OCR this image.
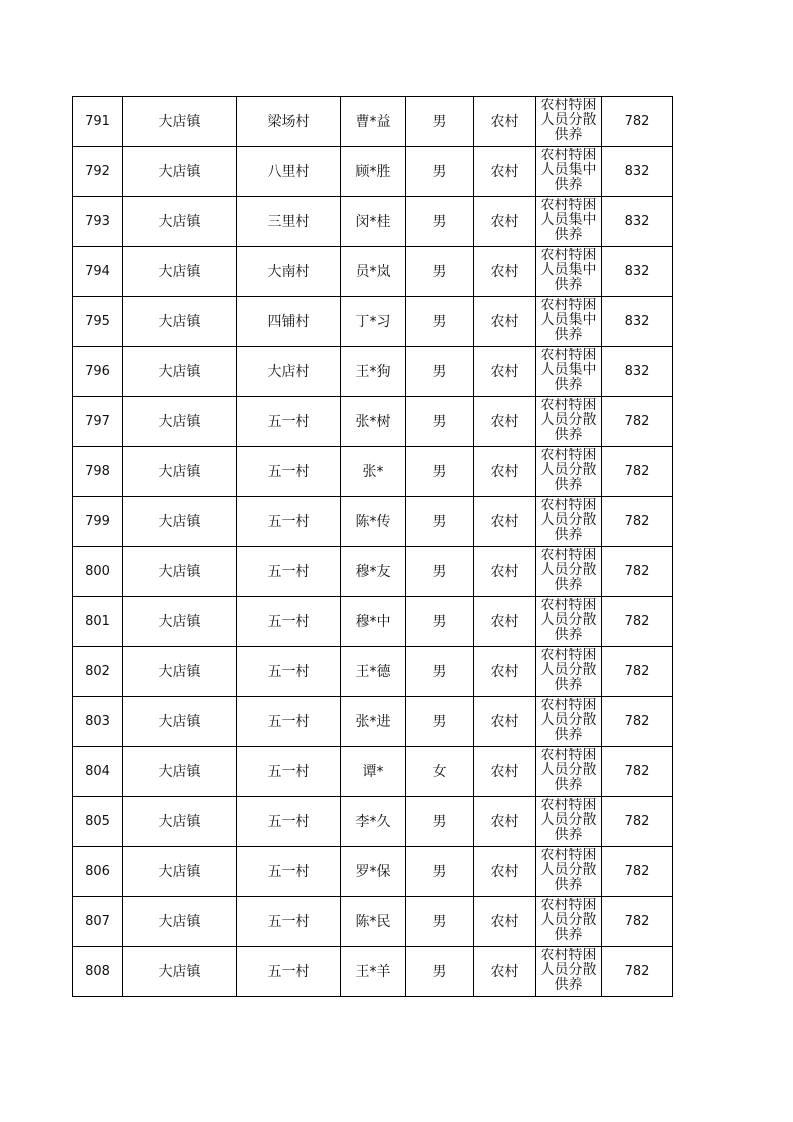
791	大店镇	梁场村	曹*益	男	农村	农村特困人员分散供养	782
792	大店镇	八里村	顾*胜	男	农村	农村特困人员集中供养	832
793	大店镇	三里村	闵*桂	男	农村	农村特困人员集中供养	832
794	大店镇	大南村	员*岚	男	农村	农村特困人员集中供养	832
795	大店镇	四铺村	丁*习	男	农村	农村特困人员集中供养	832
796	大店镇	大店村	王*狗	男	农村	农村特困人员集中供养	832
797	大店镇	五一村	张*树	男	农村	农村特困人员分散供养	782
798	大店镇	五一村	张*	男	农村	农村特困人员分散供养	782
799	大店镇	五一村	陈*传	男	农村	农村特困人员分散供养	782
800	大店镇	五一村	穆*友	男	农村	农村特困人员分散供养	782
801	大店镇	五一村	穆*中	男	农村	农村特困人员分散供养	782
802	大店镇	五一村	王*德	男	农村	农村特困人员分散供养	782
803	大店镇	五一村	张*进	男	农村	农村特困人员分散供养	782
804	大店镇	五一村	谭*	女	农村	农村特困人员分散供养	782
805	大店镇	五一村	李*久	男	农村	农村特困人员分散供养	782
806	大店镇	五一村	罗*保	男	农村	农村特困人员分散供养	782
807	大店镇	五一村	陈*民	男	农村	农村特困人员分散供养	782
808	大店镇	五一村	王*羊	男	农村	农村特困人员分散供养	782
